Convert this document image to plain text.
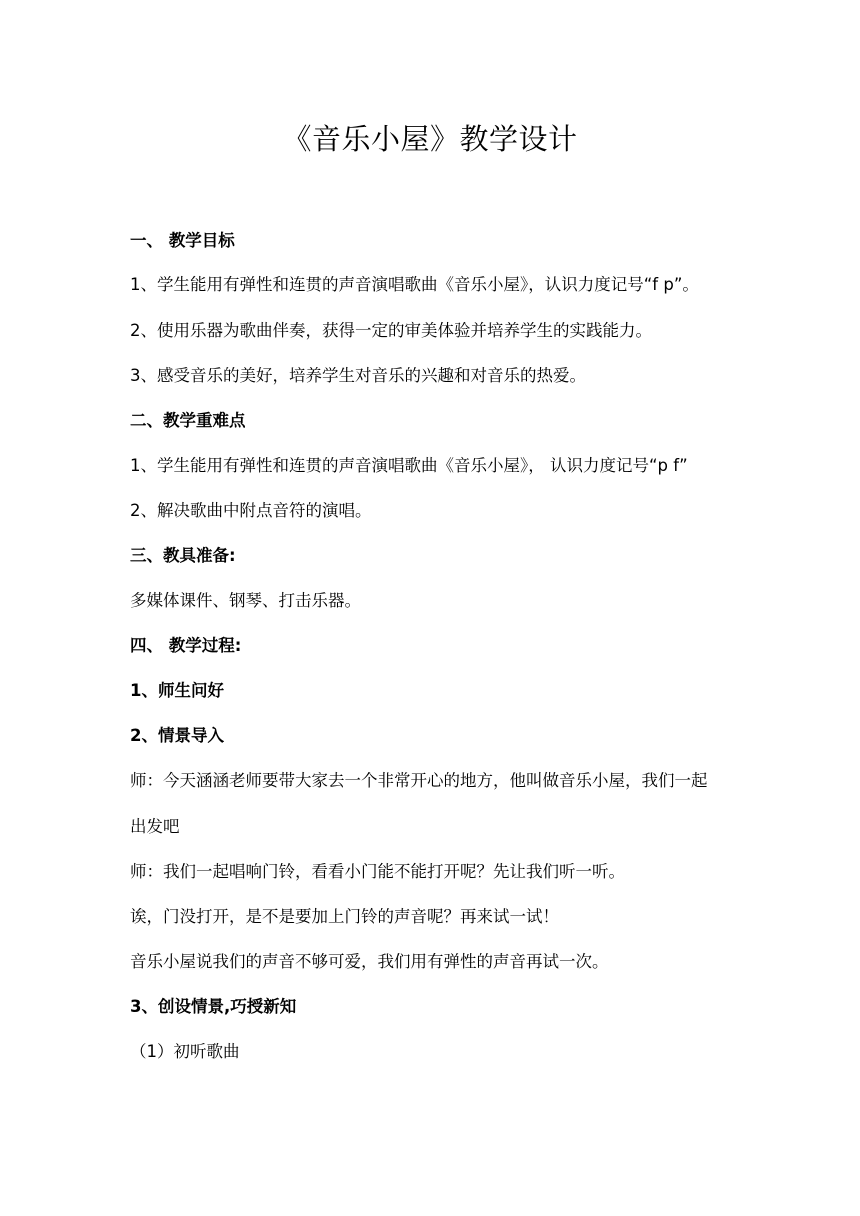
《音乐小屋》教学设计
一、 教学目标
1、学生能用有弹性和连贯的声音演唱歌曲《音乐小屋》，认识力度记号“f p”。
2、使用乐器为歌曲伴奏，获得一定的审美体验并培养学生的实践能力。
3、感受音乐的美好，培养学生对音乐的兴趣和对音乐的热爱。
二、教学重难点
1、学生能用有弹性和连贯的声音演唱歌曲《音乐小屋》， 认识力度记号“p f”
2、解决歌曲中附点音符的演唱。
三、教具准备:
多媒体课件、钢琴、打击乐器。
四、 教学过程:
1、师生问好
2、情景导入
师：今天涵涵老师要带大家去一个非常开心的地方，他叫做音乐小屋，我们一起
出发吧
师：我们一起唱响门铃，看看小门能不能打开呢？先让我们听一听。
诶，门没打开，是不是要加上门铃的声音呢？再来试一试！
音乐小屋说我们的声音不够可爱，我们用有弹性的声音再试一次。
3、创设情景,巧授新知
（1）初听歌曲
